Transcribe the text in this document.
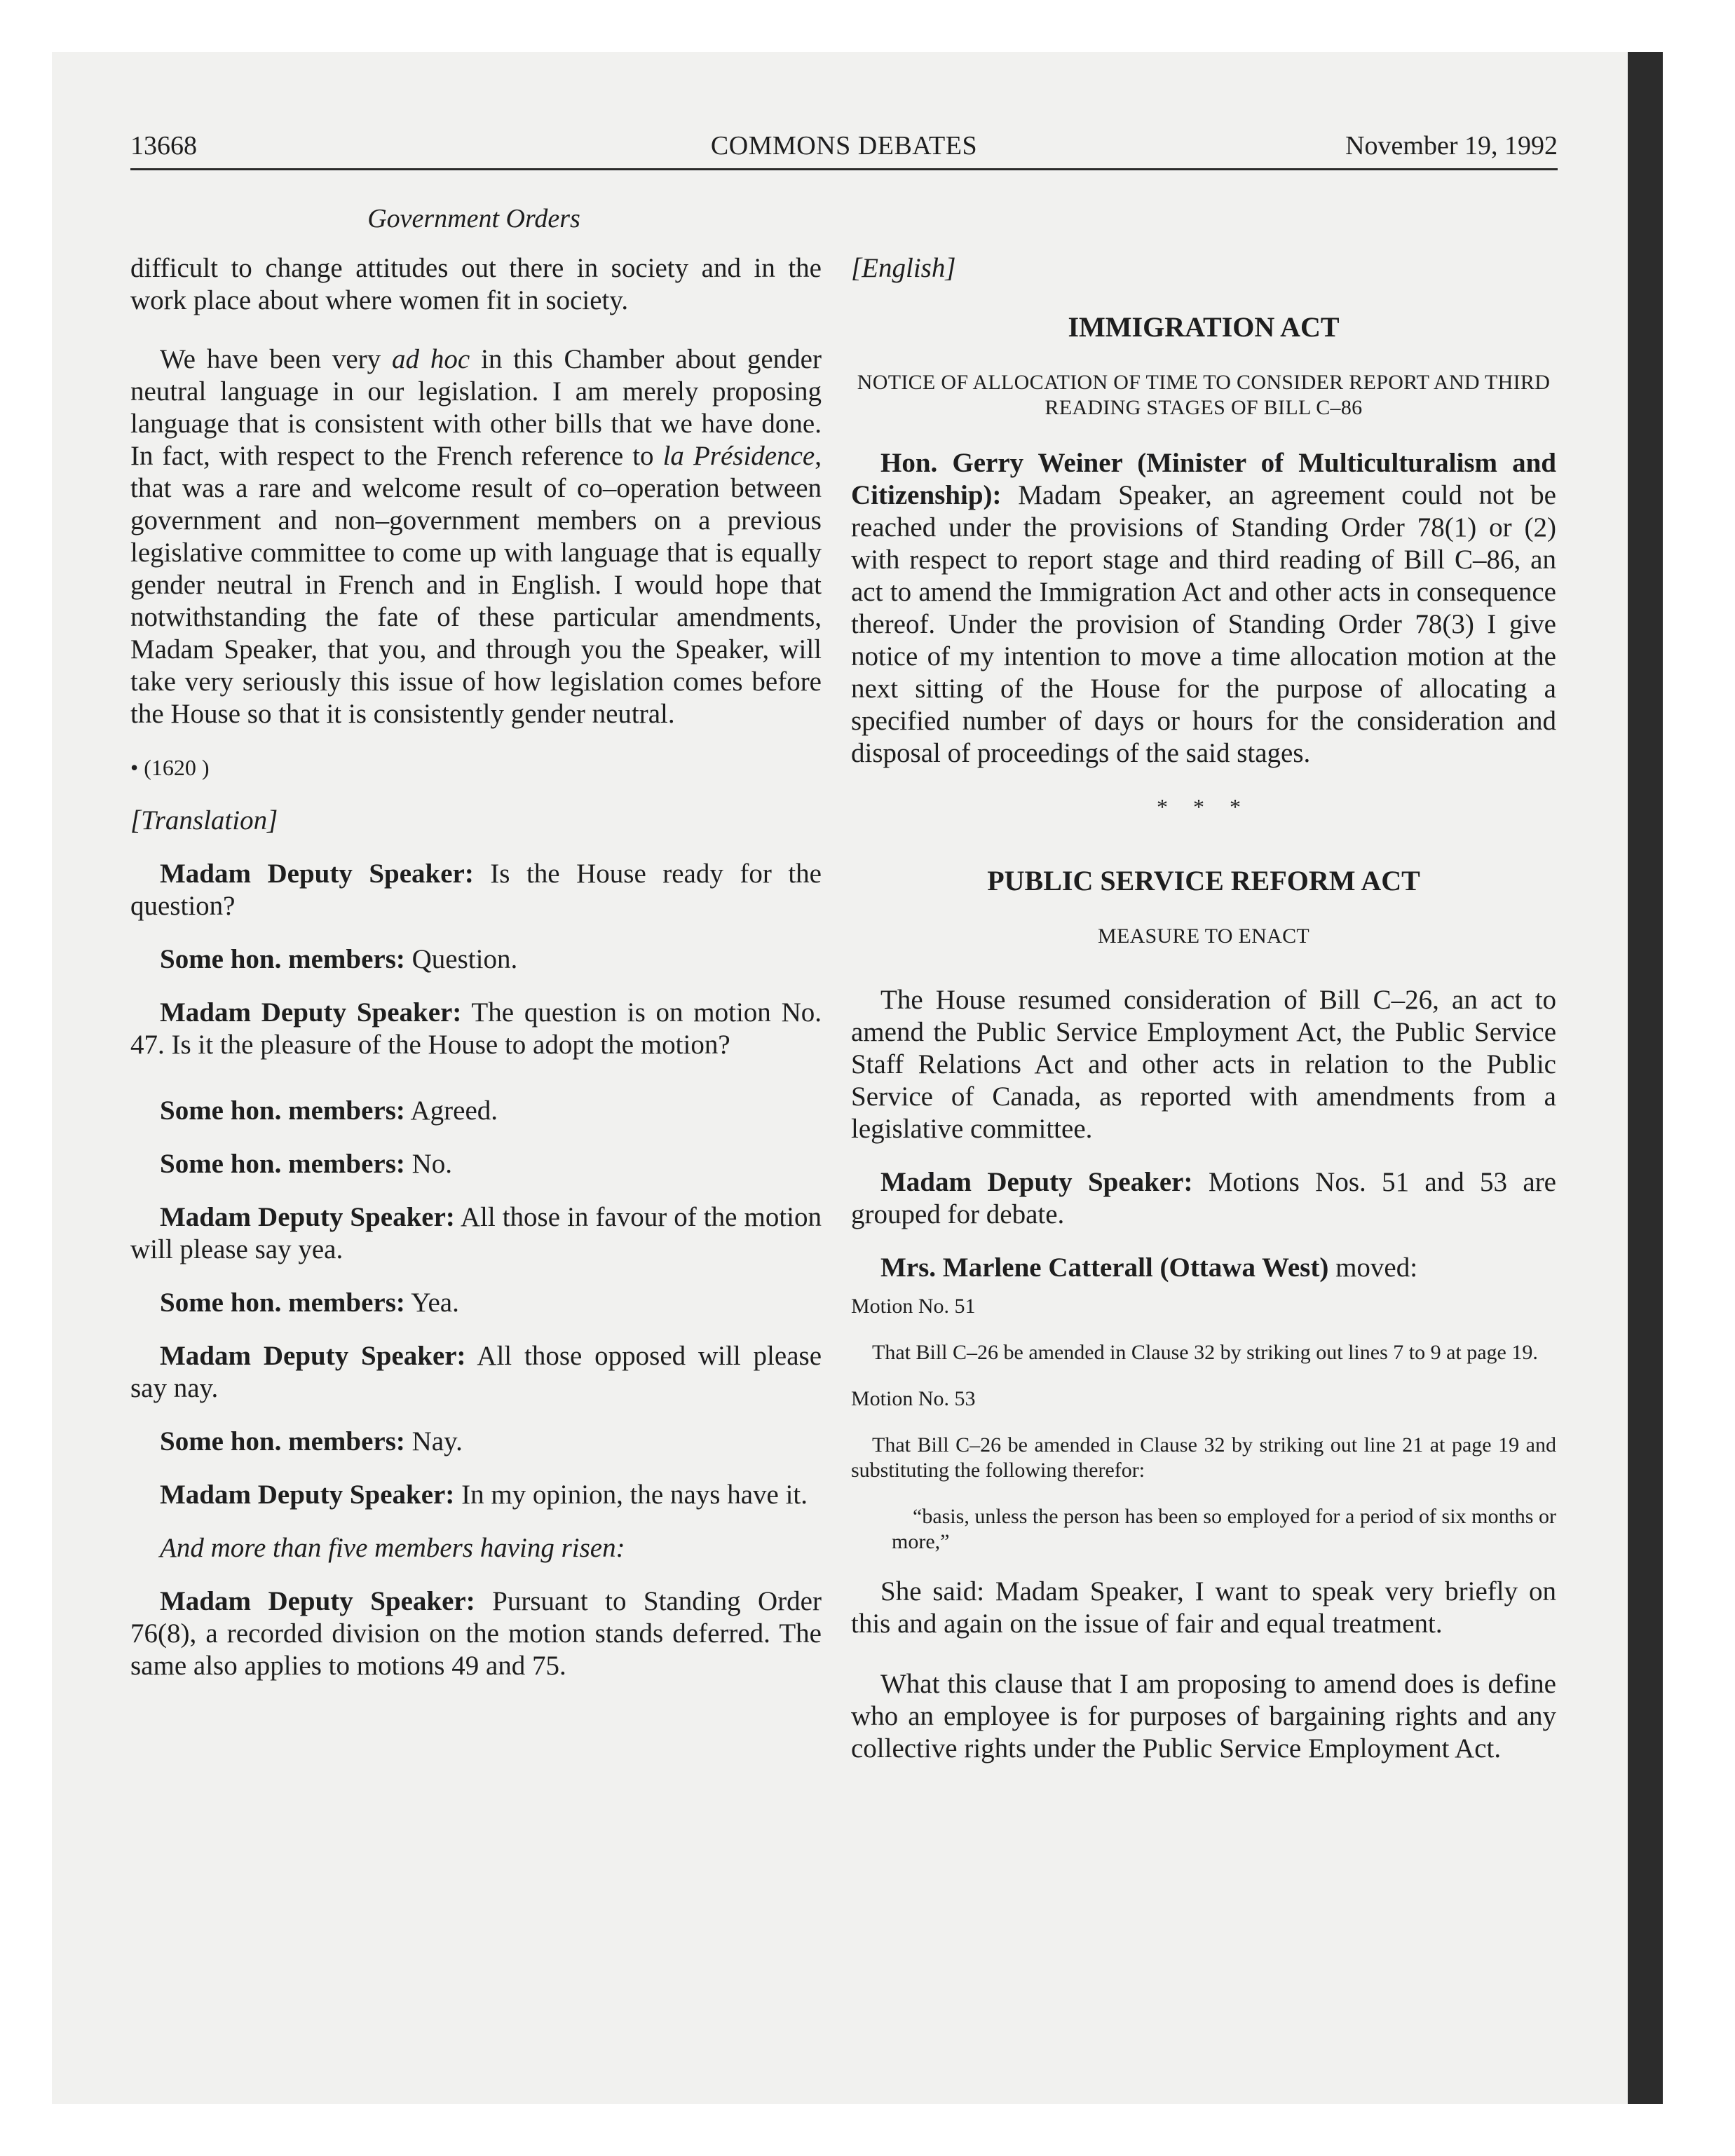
13668	COMMONS DEBATES	November 19, 1992
Government Orders

difficult to change attitudes out there in society and in the work place about where women fit in society.

We have been very ad hoc in this Chamber about gender neutral language in our legislation. I am merely proposing language that is consistent with other bills that we have done. In fact, with respect to the French reference to la Présidence, that was a rare and welcome result of co–operation between government and non–government members on a previous legislative committee to come up with language that is equally gender neutral in French and in English. I would hope that notwithstanding the fate of these particular amendments, Madam Speaker, that you, and through you the Speaker, will take very seriously this issue of how legislation comes before the House so that it is consistently gender neutral.

• (1620 )

[Translation]

Madam Deputy Speaker: Is the House ready for the question?

Some hon. members: Question.

Madam Deputy Speaker: The question is on motion No. 47. Is it the pleasure of the House to adopt the motion?

Some hon. members: Agreed.

Some hon. members: No.

Madam Deputy Speaker: All those in favour of the motion will please say yea.

Some hon. members: Yea.

Madam Deputy Speaker: All those opposed will please say nay.

Some hon. members: Nay.

Madam Deputy Speaker: In my opinion, the nays have it.

And more than five members having risen:

Madam Deputy Speaker: Pursuant to Standing Order 76(8), a recorded division on the motion stands deferred. The same also applies to motions 49 and 75.

[English]

IMMIGRATION ACT
NOTICE OF ALLOCATION OF TIME TO CONSIDER REPORT AND THIRD READING STAGES OF BILL C–86

Hon. Gerry Weiner (Minister of Multiculturalism and Citizenship): Madam Speaker, an agreement could not be reached under the provisions of Standing Order 78(1) or (2) with respect to report stage and third reading of Bill C–86, an act to amend the Immigration Act and other acts in consequence thereof. Under the provision of Standing Order 78(3) I give notice of my intention to move a time allocation motion at the next sitting of the House for the purpose of allocating a specified number of days or hours for the consideration and disposal of proceedings of the said stages.

* * *
PUBLIC SERVICE REFORM ACT
MEASURE TO ENACT

The House resumed consideration of Bill C–26, an act to amend the Public Service Employment Act, the Public Service Staff Relations Act and other acts in relation to the Public Service of Canada, as reported with amendments from a legislative committee.

Madam Deputy Speaker: Motions Nos. 51 and 53 are grouped for debate.

Mrs. Marlene Catterall (Ottawa West) moved:

Motion No. 51

That Bill C–26 be amended in Clause 32 by striking out lines 7 to 9 at page 19.

Motion No. 53

That Bill C–26 be amended in Clause 32 by striking out line 21 at page 19 and substituting the following therefor:

“basis, unless the person has been so employed for a period of six months or more,”

She said: Madam Speaker, I want to speak very briefly on this and again on the issue of fair and equal treatment.

What this clause that I am proposing to amend does is define who an employee is for purposes of bargaining rights and any collective rights under the Public Service Employment Act.
